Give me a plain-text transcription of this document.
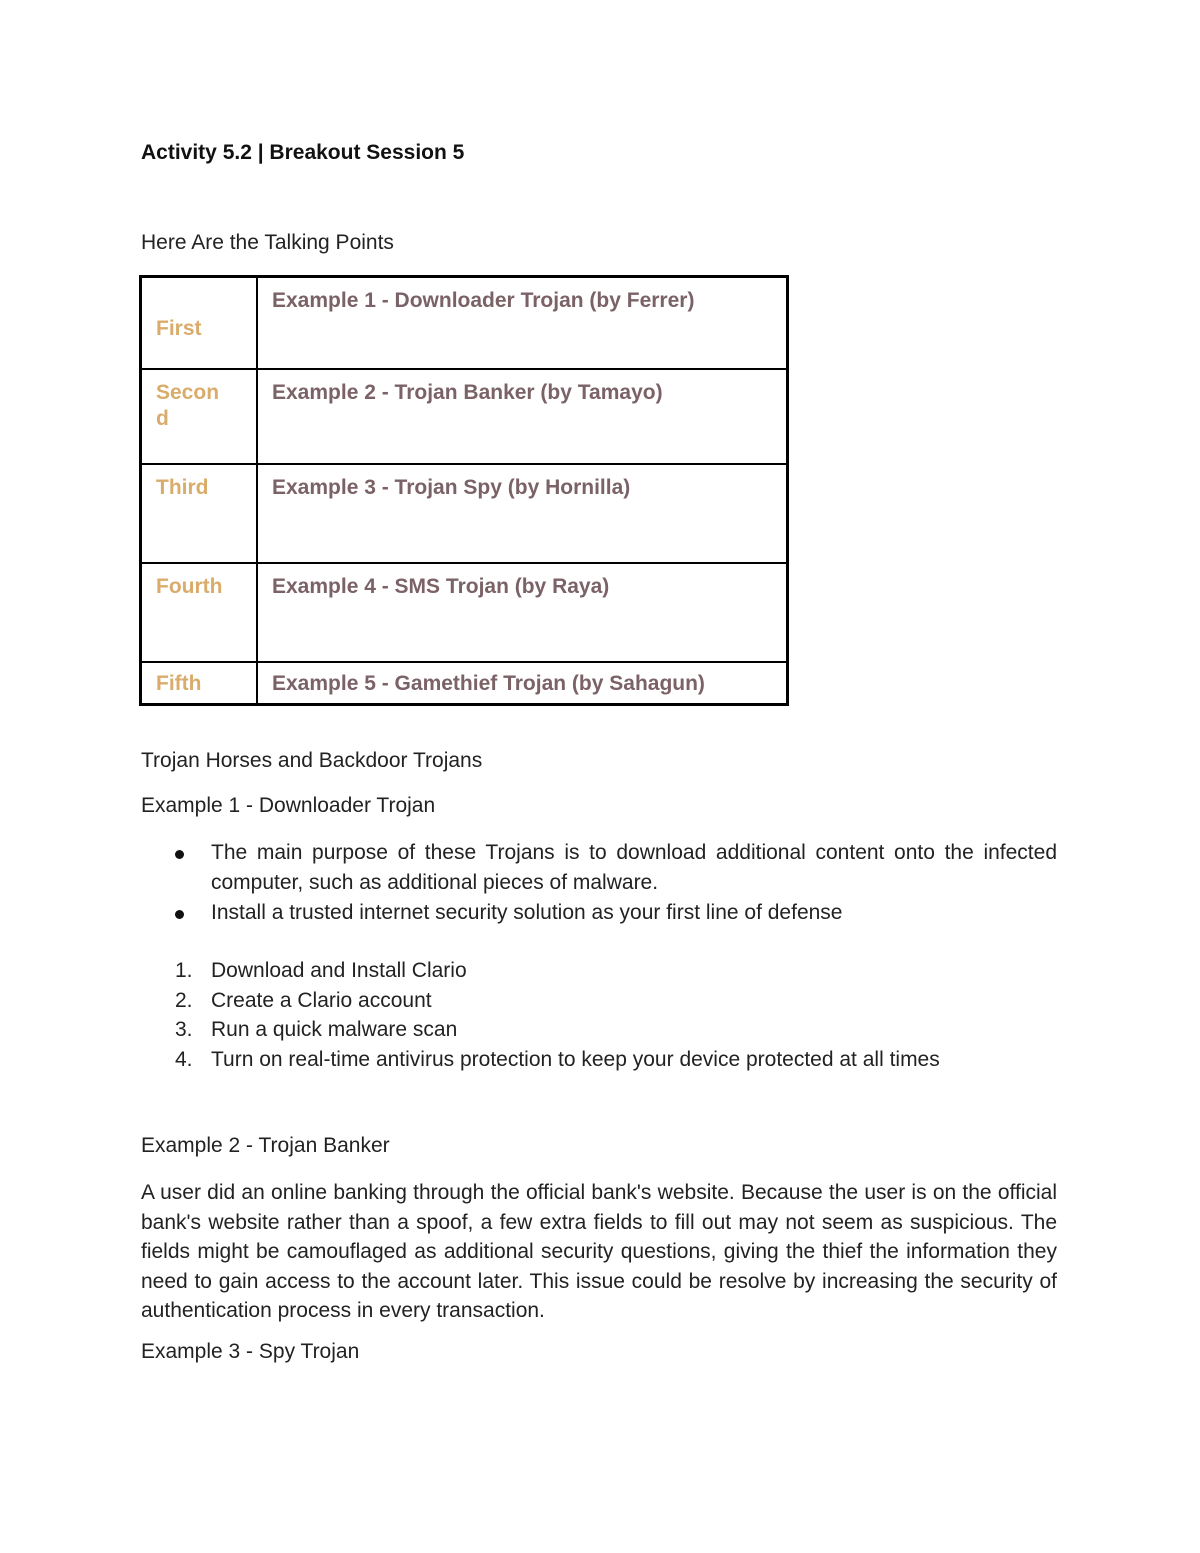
Activity 5.2 | Breakout Session 5
Here Are the Talking Points
First	Example 1 - Downloader Trojan (by Ferrer)

Secon
d	Example 2 - Trojan Banker (by Tamayo)

Third	Example 3 - Trojan Spy (by Hornilla)

Fourth	Example 4 - SMS Trojan (by Raya)

Fifth	Example 5 - Gamethief Trojan (by Sahagun)
Trojan Horses and Backdoor Trojans
Example 1 - Downloader Trojan
The main purpose of these Trojans is to download additional content onto the infected computer, such as additional pieces of malware.
Install a trusted internet security solution as your first line of defense
1. Download and Install Clario
2. Create a Clario account
3. Run a quick malware scan
4. Turn on real-time antivirus protection to keep your device protected at all times
Example 2 - Trojan Banker
A user did an online banking through the official bank's website. Because the user is on the official bank's website rather than a spoof, a few extra fields to fill out may not seem as suspicious. The fields might be camouflaged as additional security questions, giving the thief the information they need to gain access to the account later. This issue could be resolve by increasing the security of authentication process in every transaction.
Example 3 - Spy Trojan
